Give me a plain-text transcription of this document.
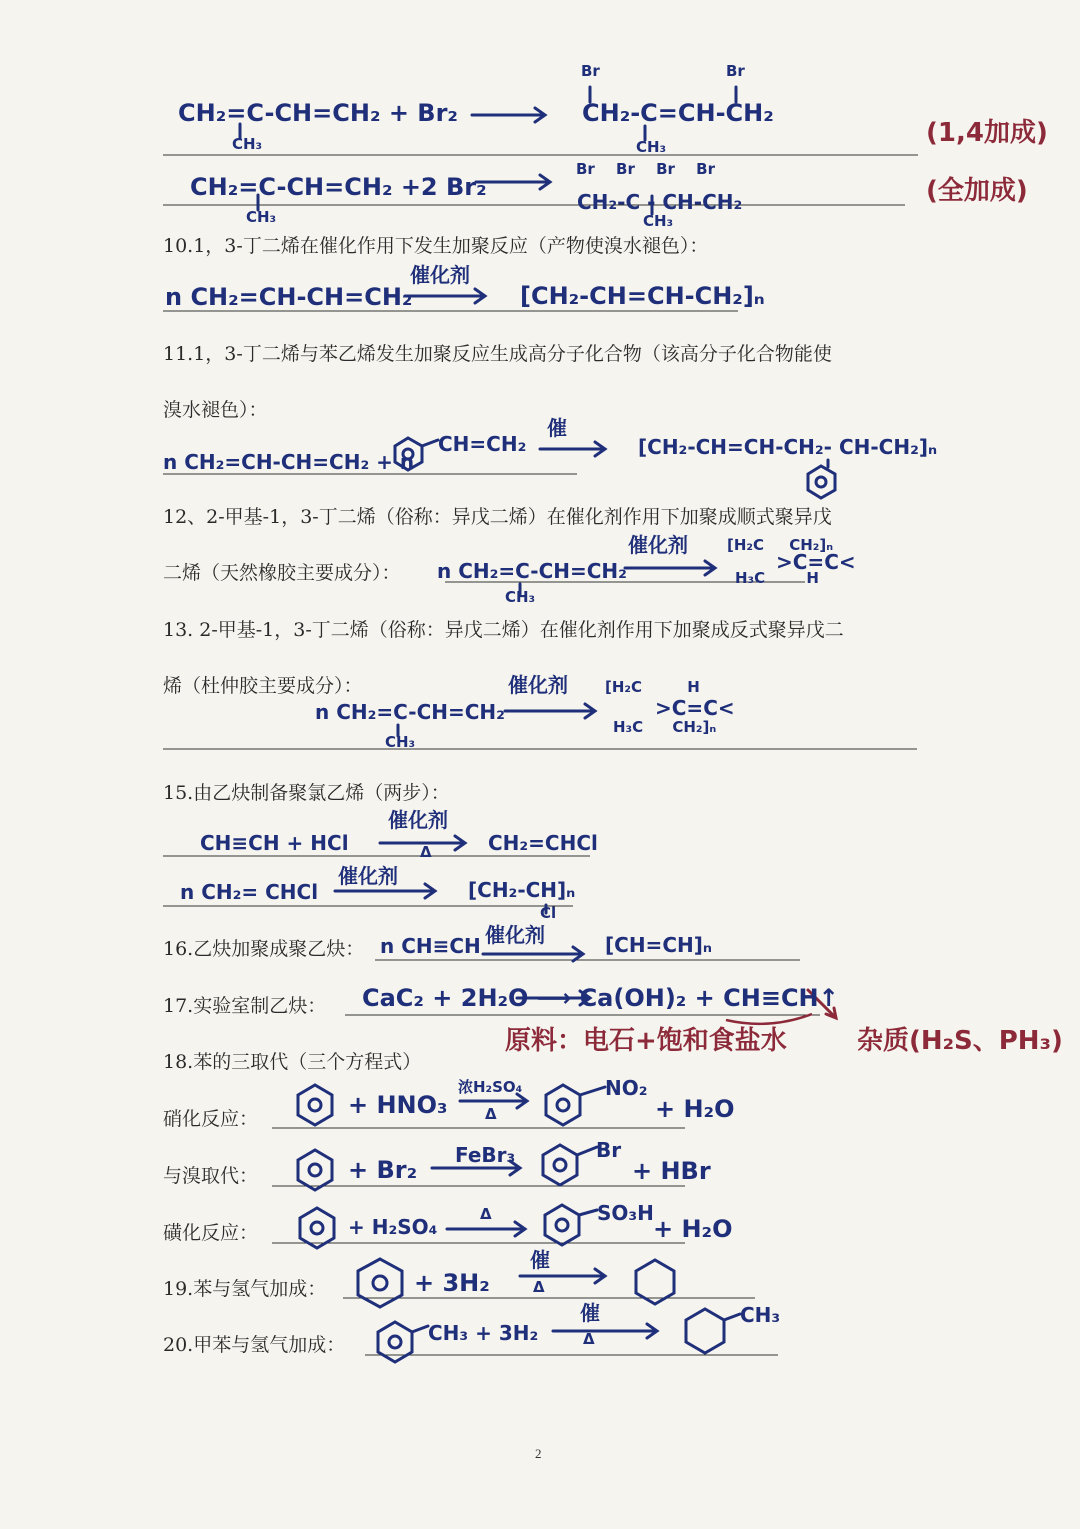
CH₂=C-CH=CH₂ + Br₂
CH₃
Br	Br
CH₂-C=CH-CH₂
CH₃	(1,4加成)
CH₂=C-CH=CH₂ +2 Br₂
CH₃
Br Br Br Br
CH₂-C - CH-CH₂
CH₃
(全加成)
10.1，3-丁二烯在催化作用下发生加聚反应（产物使溴水褪色）：
n CH₂=CH-CH=CH₂
催化剂
[CH₂-CH=CH-CH₂]ₙ
11.1，3-丁二烯与苯乙烯发生加聚反应生成高分子化合物（该高分子化合物能使
溴水褪色）：
n CH₂=CH-CH=CH₂ + n
CH=CH₂
催
[CH₂-CH=CH-CH₂- CH-CH₂]ₙ
12、2-甲基-1，3-丁二烯（俗称：异戊二烯）在催化剂作用下加聚成顺式聚异戊
二烯（天然橡胶主要成分）： n CH₂=C-CH=CH₂
CH₃
催化剂	[H₂C CH₂]ₙ
>C=C<
H₃C H
13. 2-甲基-1，3-丁二烯（俗称：异戊二烯）在催化剂作用下加聚成反式聚异戊二
烯（杜仲胶主要成分）：
n CH₂=C-CH=CH₂
CH₃
催化剂 [H₂C H
>C=C<
H₃C CH₂]ₙ
15.由乙炔制备聚氯乙烯（两步）：
CH≡CH + HCl
催化剂
Δ	CH₂=CHCl
n CH₂= CHCl
催化剂
[CH₂-CH]ₙ
Cl
16.乙炔加聚成聚乙炔： n CH≡CH 催化剂	[CH=CH]ₙ
17.实验室制乙炔： CaC₂ + 2H₂O ⟶ Ca(OH)₂ + CH≡CH↑
原料：电石+饱和食盐水	杂质(H₂S、PH₃)
18.苯的三取代（三个方程式）
硝化反应：	+ HNO₃
浓H₂SO₄
Δ
NO₂
+ H₂O
与溴取代：	+ Br₂
FeBr₃	Br
+ HBr
磺化反应：	+ H₂SO₄
Δ	SO₃H
+ H₂O
19.苯与氢气加成：	+ 3H₂
催
Δ
20.甲苯与氢气加成：	CH₃ + 3H₂
催
Δ
CH₃
2
